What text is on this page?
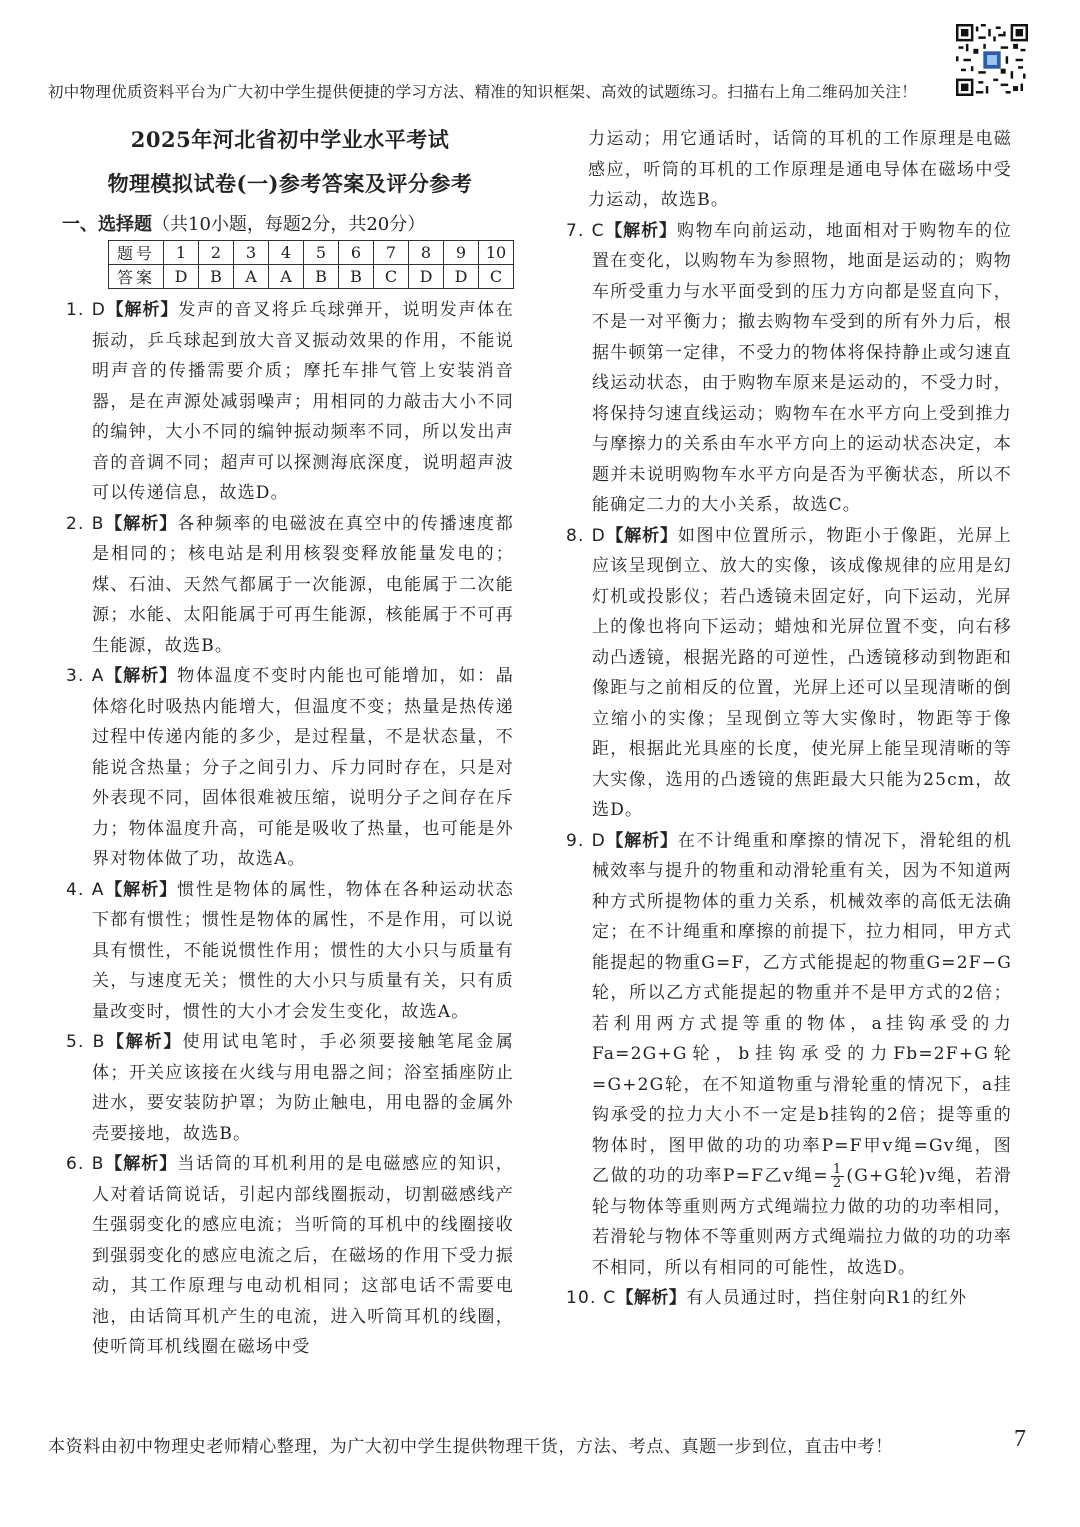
初中物理优质资料平台为广大初中学生提供便捷的学习方法、精准的知识框架、高效的试题练习。扫描右上角二维码加关注！
2025年河北省初中学业水平考试
物理模拟试卷(一)参考答案及评分参考
一、选择题（共10小题，每题2分，共20分）
题号	1	2	3	4	5	6	7	8	9	10
答案	D	B	A	A	B	B	C	D	D	C

1. D【解析】发声的音叉将乒乓球弹开，说明发声体在振动，乒乓球起到放大音叉振动效果的作用，不能说明声音的传播需要介质；摩托车排气管上安装消音器，是在声源处减弱噪声；用相同的力敲击大小不同的编钟，大小不同的编钟振动频率不同，所以发出声音的音调不同；超声可以探测海底深度，说明超声波可以传递信息，故选D。

2. B【解析】各种频率的电磁波在真空中的传播速度都是相同的；核电站是利用核裂变释放能量发电的；煤、石油、天然气都属于一次能源，电能属于二次能源；水能、太阳能属于可再生能源，核能属于不可再生能源，故选B。

3. A【解析】物体温度不变时内能也可能增加，如：晶体熔化时吸热内能增大，但温度不变；热量是热传递过程中传递内能的多少，是过程量，不是状态量，不能说含热量；分子之间引力、斥力同时存在，只是对外表现不同，固体很难被压缩，说明分子之间存在斥力；物体温度升高，可能是吸收了热量，也可能是外界对物体做了功，故选A。

4. A【解析】惯性是物体的属性，物体在各种运动状态下都有惯性；惯性是物体的属性，不是作用，可以说具有惯性，不能说惯性作用；惯性的大小只与质量有关，与速度无关；惯性的大小只与质量有关，只有质量改变时，惯性的大小才会发生变化，故选A。

5. B【解析】使用试电笔时，手必须要接触笔尾金属体；开关应该接在火线与用电器之间；浴室插座防止进水，要安装防护罩；为防止触电，用电器的金属外壳要接地，故选B。

6. B【解析】当话筒的耳机利用的是电磁感应的知识，人对着话筒说话，引起内部线圈振动，切割磁感线产生强弱变化的感应电流；当听筒的耳机中的线圈接收到强弱变化的感应电流之后，在磁场的作用下受力振动，其工作原理与电动机相同；这部电话不需要电池，由话筒耳机产生的电流，进入听筒耳机的线圈，使听筒耳机线圈在磁场中受

力运动；用它通话时，话筒的耳机的工作原理是电磁感应，听筒的耳机的工作原理是通电导体在磁场中受力运动，故选B。

7. C【解析】购物车向前运动，地面相对于购物车的位置在变化，以购物车为参照物，地面是运动的；购物车所受重力与水平面受到的压力方向都是竖直向下，不是一对平衡力；撤去购物车受到的所有外力后，根据牛顿第一定律，不受力的物体将保持静止或匀速直线运动状态，由于购物车原来是运动的，不受力时，将保持匀速直线运动；购物车在水平方向上受到推力与摩擦力的关系由车水平方向上的运动状态决定，本题并未说明购物车水平方向是否为平衡状态，所以不能确定二力的大小关系，故选C。

8. D【解析】如图中位置所示，物距小于像距，光屏上应该呈现倒立、放大的实像，该成像规律的应用是幻灯机或投影仪；若凸透镜未固定好，向下运动，光屏上的像也将向下运动；蜡烛和光屏位置不变，向右移动凸透镜，根据光路的可逆性，凸透镜移动到物距和像距与之前相反的位置，光屏上还可以呈现清晰的倒立缩小的实像；呈现倒立等大实像时，物距等于像距，根据此光具座的长度，使光屏上能呈现清晰的等大实像，选用的凸透镜的焦距最大只能为25cm，故选D。

9. D【解析】在不计绳重和摩擦的情况下，滑轮组的机械效率与提升的物重和动滑轮重有关，因为不知道两种方式所提物体的重力关系，机械效率的高低无法确定；在不计绳重和摩擦的前提下，拉力相同，甲方式能提起的物重G=F，乙方式能提起的物重G=2F−G轮，所以乙方式能提起的物重并不是甲方式的2倍；若利用两方式提等重的物体，a挂钩承受的力Fa=2G+G轮，b挂钩承受的力Fb=2F+G轮=G+2G轮，在不知道物重与滑轮重的情况下，a挂钩承受的拉力大小不一定是b挂钩的2倍；提等重的物体时，图甲做的功的功率P=F甲v绳=Gv绳，图乙做的功的功率P=F乙v绳= $\frac{1}{2} (G+G$轮)v绳，若滑轮与物体等重则两方式绳端拉力做的功的功率相同，若滑轮与物体不等重则两方式绳端拉力做的功的功率不相同，所以有相同的可能性，故选D。

10. C【解析】有人员通过时，挡住射向R1的红外

本资料由初中物理史老师精心整理，为广大初中学生提供物理干货，方法、考点、真题一步到位，直击中考！	7
